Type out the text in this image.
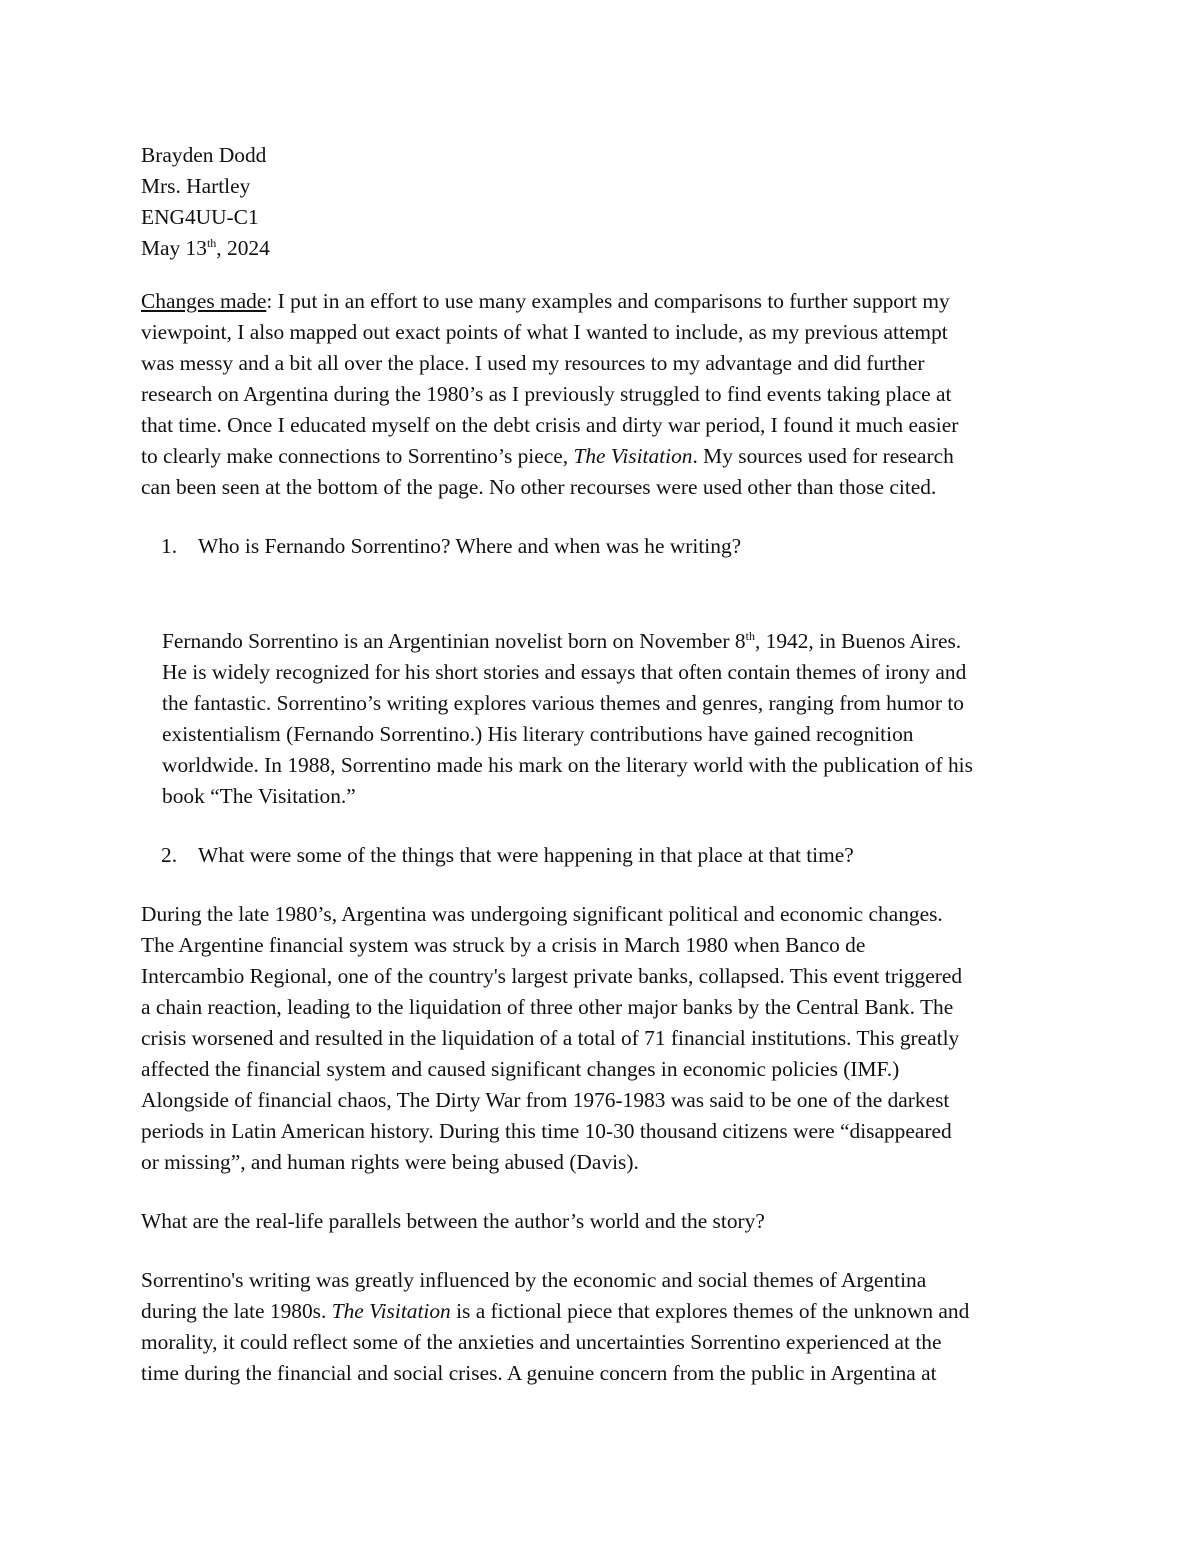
Brayden Dodd
Mrs. Hartley
ENG4UU-C1
May 13th, 2024
Changes made: I put in an effort to use many examples and comparisons to further support my
viewpoint, I also mapped out exact points of what I wanted to include, as my previous attempt
was messy and a bit all over the place. I used my resources to my advantage and did further
research on Argentina during the 1980’s as I previously struggled to find events taking place at
that time. Once I educated myself on the debt crisis and dirty war period, I found it much easier
to clearly make connections to Sorrentino’s piece, The Visitation. My sources used for research
can been seen at the bottom of the page. No other recourses were used other than those cited.
1. Who is Fernando Sorrentino? Where and when was he writing?
Fernando Sorrentino is an Argentinian novelist born on November 8th, 1942, in Buenos Aires.
He is widely recognized for his short stories and essays that often contain themes of irony and
the fantastic. Sorrentino’s writing explores various themes and genres, ranging from humor to
existentialism (Fernando Sorrentino.) His literary contributions have gained recognition
worldwide. In 1988, Sorrentino made his mark on the literary world with the publication of his
book “The Visitation.”
2. What were some of the things that were happening in that place at that time?
During the late 1980’s, Argentina was undergoing significant political and economic changes.
The Argentine financial system was struck by a crisis in March 1980 when Banco de
Intercambio Regional, one of the country's largest private banks, collapsed. This event triggered
a chain reaction, leading to the liquidation of three other major banks by the Central Bank. The
crisis worsened and resulted in the liquidation of a total of 71 financial institutions. This greatly
affected the financial system and caused significant changes in economic policies (IMF.)
Alongside of financial chaos, The Dirty War from 1976-1983 was said to be one of the darkest
periods in Latin American history. During this time 10-30 thousand citizens were “disappeared
or missing”, and human rights were being abused (Davis).
What are the real-life parallels between the author’s world and the story?
Sorrentino's writing was greatly influenced by the economic and social themes of Argentina
during the late 1980s. The Visitation is a fictional piece that explores themes of the unknown and
morality, it could reflect some of the anxieties and uncertainties Sorrentino experienced at the
time during the financial and social crises. A genuine concern from the public in Argentina at
